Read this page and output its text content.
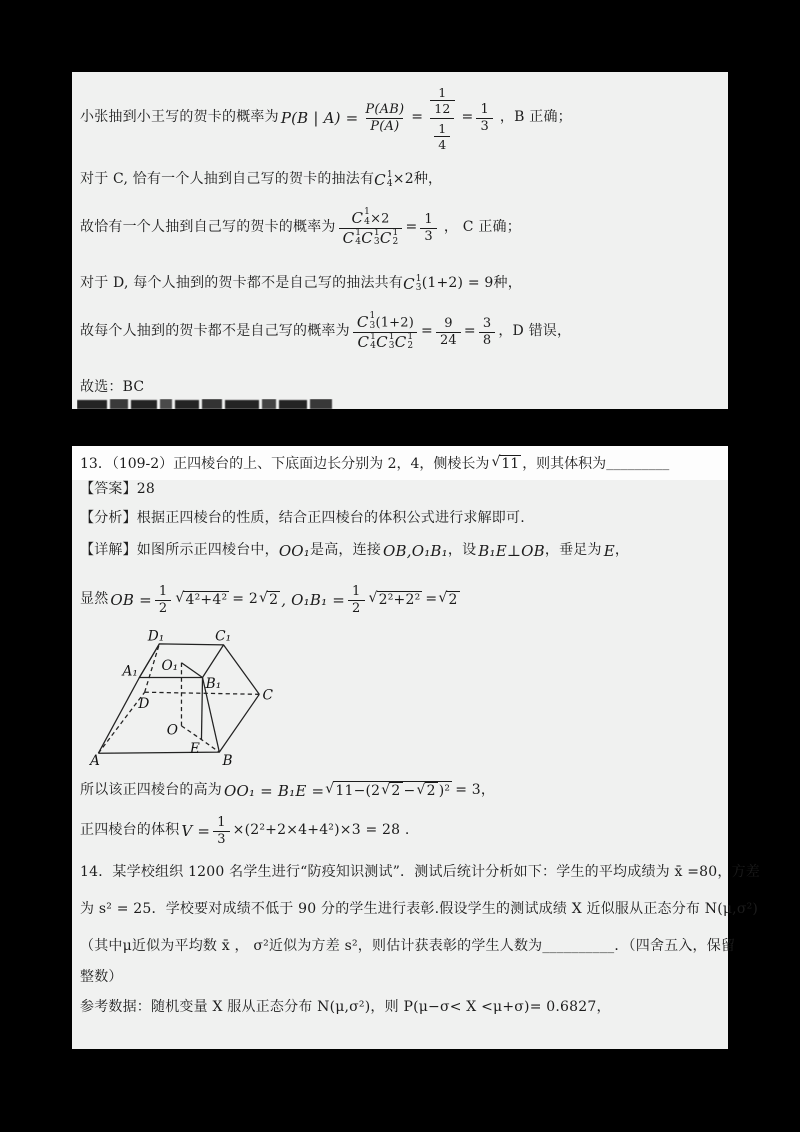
小张抽到小王写的贺卡的概率为 P(B | $A) = \frac{P(AB)}{P(A)} = \frac{\frac{1}{12}}{\frac{1}{4}} = \frac{1}{3}$ ，B 正确；

对于 C, 恰有一个人抽到自己写的贺卡的抽法有 C 1
4 ×2 种，

故恰有一个人抽到自己写的贺卡的概率为 C 1
4 ×2
C 1
4 C 1
3 C 1
$2 = \frac{1}{3}$ ， C 正确；

对于 D, 每个人抽到的贺卡都不是自己写的抽法共有 C 1
3 (1+2) = 9 种，

故每个人抽到的贺卡都不是自己写的概率为 C 1
3 (1+2)
C 1
4 C 1
3 C 1
$2 = \frac{9}{24} = \frac{3}{8}$ ，D 错误，

故选：BC

13．（109-2）正四棱台的上、下底面边长分别为 2，4，侧棱长为 √ 11 ，则其体积为 _________

【答案】28

【分析】根据正四棱台的性质，结合正四棱台的体积公式进行求解即可.

【详解】如图所示正四棱台中， OO₁ 是高，连接 OB,O₁B₁ ，设 B₁E⊥OB ，垂足为 E ，

显然 OB = $\frac{1}{2}$ √ 4²+4² = 2 √ 2 , $O_1B_1 = \frac{1}{2}$ √ 2²+2² = √ 2

A	B
C
D
A₁
B₁
C₁
D₁
O₁
O
E

所以该正四棱台的高为 OO₁ = B₁E = √ 11−(2 √ 2 − √ 2 )² = 3，

正四棱台的体积 $V = \frac{1}{3} \times(2^2+2\times 4+4^2)\times 3 = 28$ .

14．某学校组织 1200 名学生进行“防疫知识测试”．测试后统计分析如下：学生的平均成绩为 x̄ =80，方差

为 s² = 25．学校要对成绩不低于 90 分的学生进行表彰.假设学生的测试成绩 X 近似服从正态分布 N(μ,σ²)

（其中μ近似为平均数 x̄ ， σ²近似为方差 s²，则估计获表彰的学生人数为__________．（四舍五入，保留

整数）

参考数据：随机变量 X 服从正态分布 N(μ,σ²)，则 P(μ−σ< X <μ+σ)= 0.6827，
